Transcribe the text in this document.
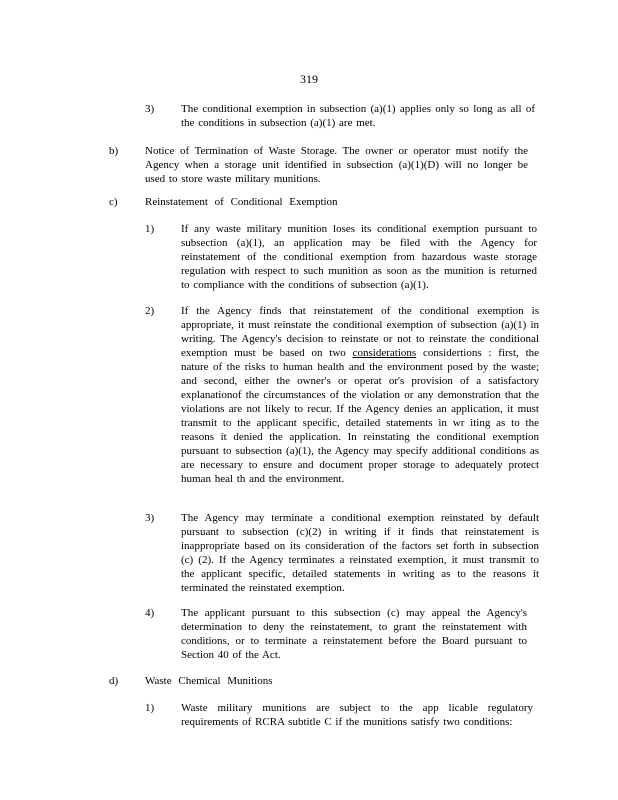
319
3) The conditional exemption in subsection (a)(1) applies only so long as all of the conditions in subsection (a)(1) are met.
b) Notice of Termination of Waste Storage. The owner or operator must notify the Agency when a storage unit identified in subsection (a)(1)(D) will no longer be used to store waste military munitions.
c) Reinstatement of Conditional Exemption
1) If any waste military munition loses its conditional exemption pursuant to subsection (a)(1), an application may be filed with the Agency for reinstatement of the conditional exemption from hazardous waste storage regulation with respect to such munition as soon as the munition is returned to compliance with the conditions of subsection (a)(1).
2) If the Agency finds that reinstatement of the conditional exemption is appropriate, it must reinstate the conditional exemption of subsection (a)(1) in writing. The Agency's decision to reinstate or not to reinstate the conditional exemption must be based on two considerations considertions : first, the nature of the risks to human health and the environment posed by the waste; and second, either the owner's or operat or's provision of a satisfactory explanationof the circumstances of the violation or any demonstration that the violations are not likely to recur. If the Agency denies an application, it must transmit to the applicant specific, detailed statements in wr iting as to the reasons it denied the application. In reinstating the conditional exemption pursuant to subsection (a)(1), the Agency may specify additional conditions as are necessary to ensure and document proper storage to adequately protect human heal th and the environment.
3) The Agency may terminate a conditional exemption reinstated by default pursuant to subsection (c)(2) in writing if it finds that reinstatement is inappropriate based on its consideration of the factors set forth in subsection (c) (2). If the Agency terminates a reinstated exemption, it must transmit to the applicant specific, detailed statements in writing as to the reasons it terminated the reinstated exemption.
4) The applicant pursuant to this subsection (c) may appeal the Agency's determination to deny the reinstatement, to grant the reinstatement with conditions, or to terminate a reinstatement before the Board pursuant to Section 40 of the Act.
d) Waste Chemical Munitions
1) Waste military munitions are subject to the app licable regulatory requirements of RCRA subtitle C if the munitions satisfy two conditions:
